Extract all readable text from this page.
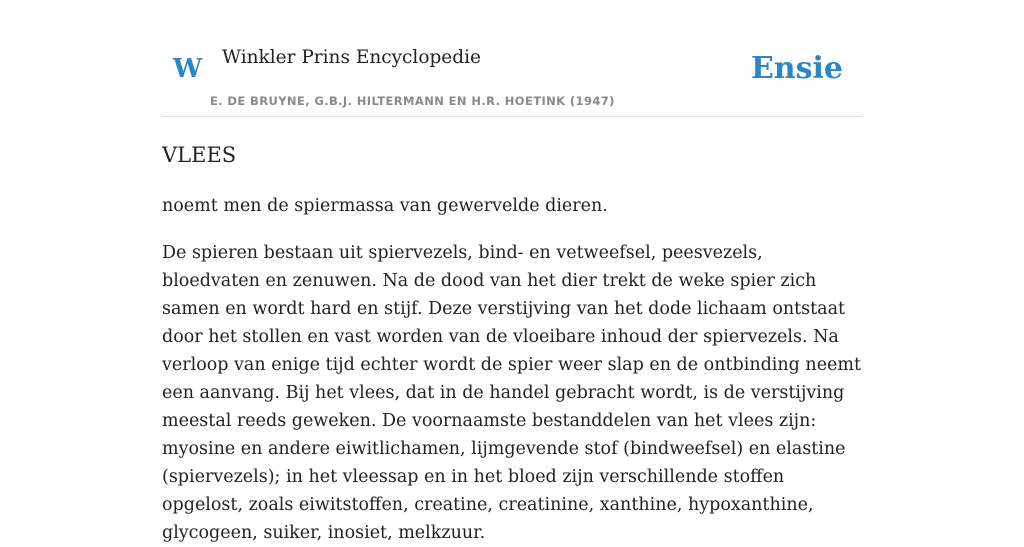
W Winkler Prins Encyclopedie
E. DE BRUYNE, G.B.J. HILTERMANN EN H.R. HOETINK (1947)
Ensie
VLEES

noemt men de spiermassa van gewervelde dieren.

De spieren bestaan uit spiervezels, bind- en vetweefsel, peesvezels, bloedvaten en zenuwen. Na de dood van het dier trekt de weke spier zich samen en wordt hard en stijf. Deze verstijving van het dode lichaam ontstaat door het stollen en vast worden van de vloeibare inhoud der spiervezels. Na verloop van enige tijd echter wordt de spier weer slap en de ontbinding neemt een aanvang. Bij het vlees, dat in de handel gebracht wordt, is de verstijving meestal reeds geweken. De voornaamste bestanddelen van het vlees zijn: myosine en andere eiwitlichamen, lijmgevende stof (bindweefsel) en elastine (spiervezels); in het vleessap en in het bloed zijn verschillende stoffen opgelost, zoals eiwitstoffen, creatine, creatinine, xanthine, hypoxanthine, glycogeen, suiker, inosiet, melkzuur.
